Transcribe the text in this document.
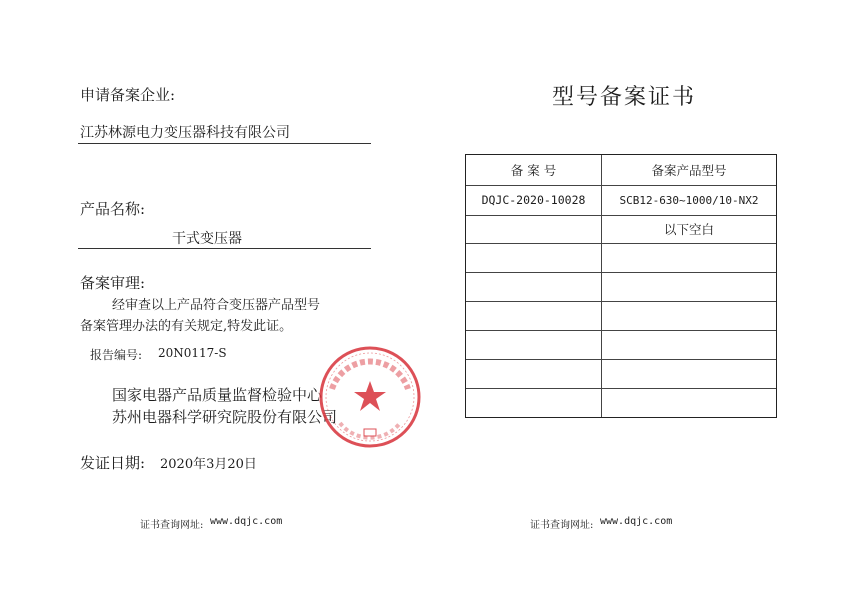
申请备案企业:
江苏林源电力变压器科技有限公司
产品名称:
干式变压器
备案审理:
经审查以上产品符合变压器产品型号
备案管理办法的有关规定,特发此证。
报告编号: 20N0117-S
国家电器产品质量监督检验中心
苏州电器科学研究院股份有限公司
发证日期: 2020年3月20日
证书查询网址: www.dqjc.com
型号备案证书
备 案 号	备案产品型号
DQJC-2020-10028	SCB12-630~1000/10-NX2
以下空白
证书查询网址: www.dqjc.com
